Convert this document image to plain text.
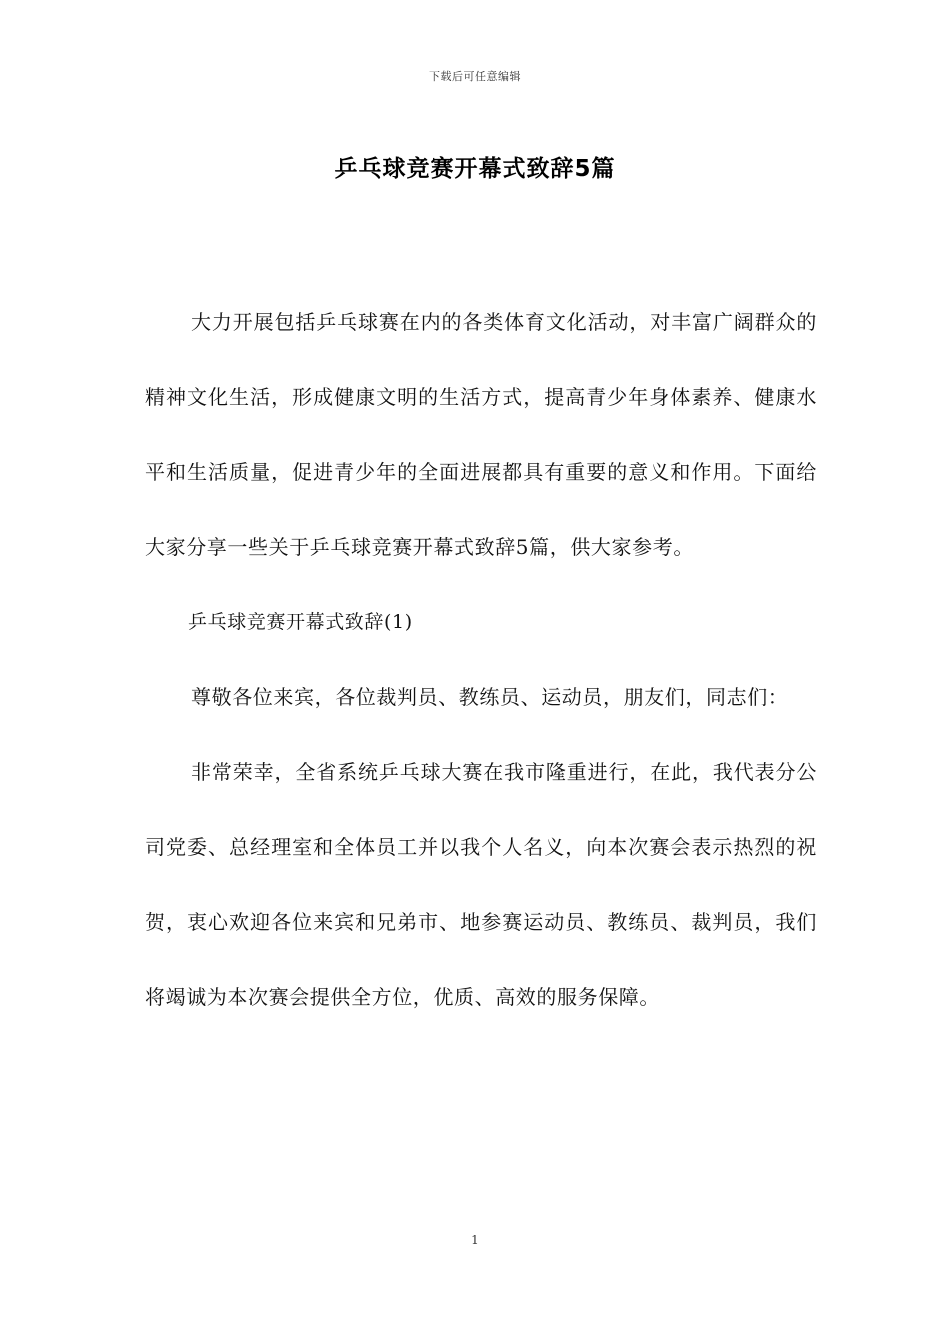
下载后可任意编辑
乒乓球竞赛开幕式致辞5篇

大力开展包括乒乓球赛在内的各类体育文化活动，对丰富广阔群众的精神文化生活，形成健康文明的生活方式，提高青少年身体素养、健康水平和生活质量，促进青少年的全面进展都具有重要的意义和作用。下面给大家分享一些关于乒乓球竞赛开幕式致辞5篇，供大家参考。

乒乓球竞赛开幕式致辞(1)

尊敬各位来宾，各位裁判员、教练员、运动员，朋友们，同志们：

非常荣幸，全省系统乒乓球大赛在我市隆重进行，在此，我代表分公司党委、总经理室和全体员工并以我个人名义，向本次赛会表示热烈的祝贺，衷心欢迎各位来宾和兄弟市、地参赛运动员、教练员、裁判员，我们将竭诚为本次赛会提供全方位，优质、高效的服务保障。

1
